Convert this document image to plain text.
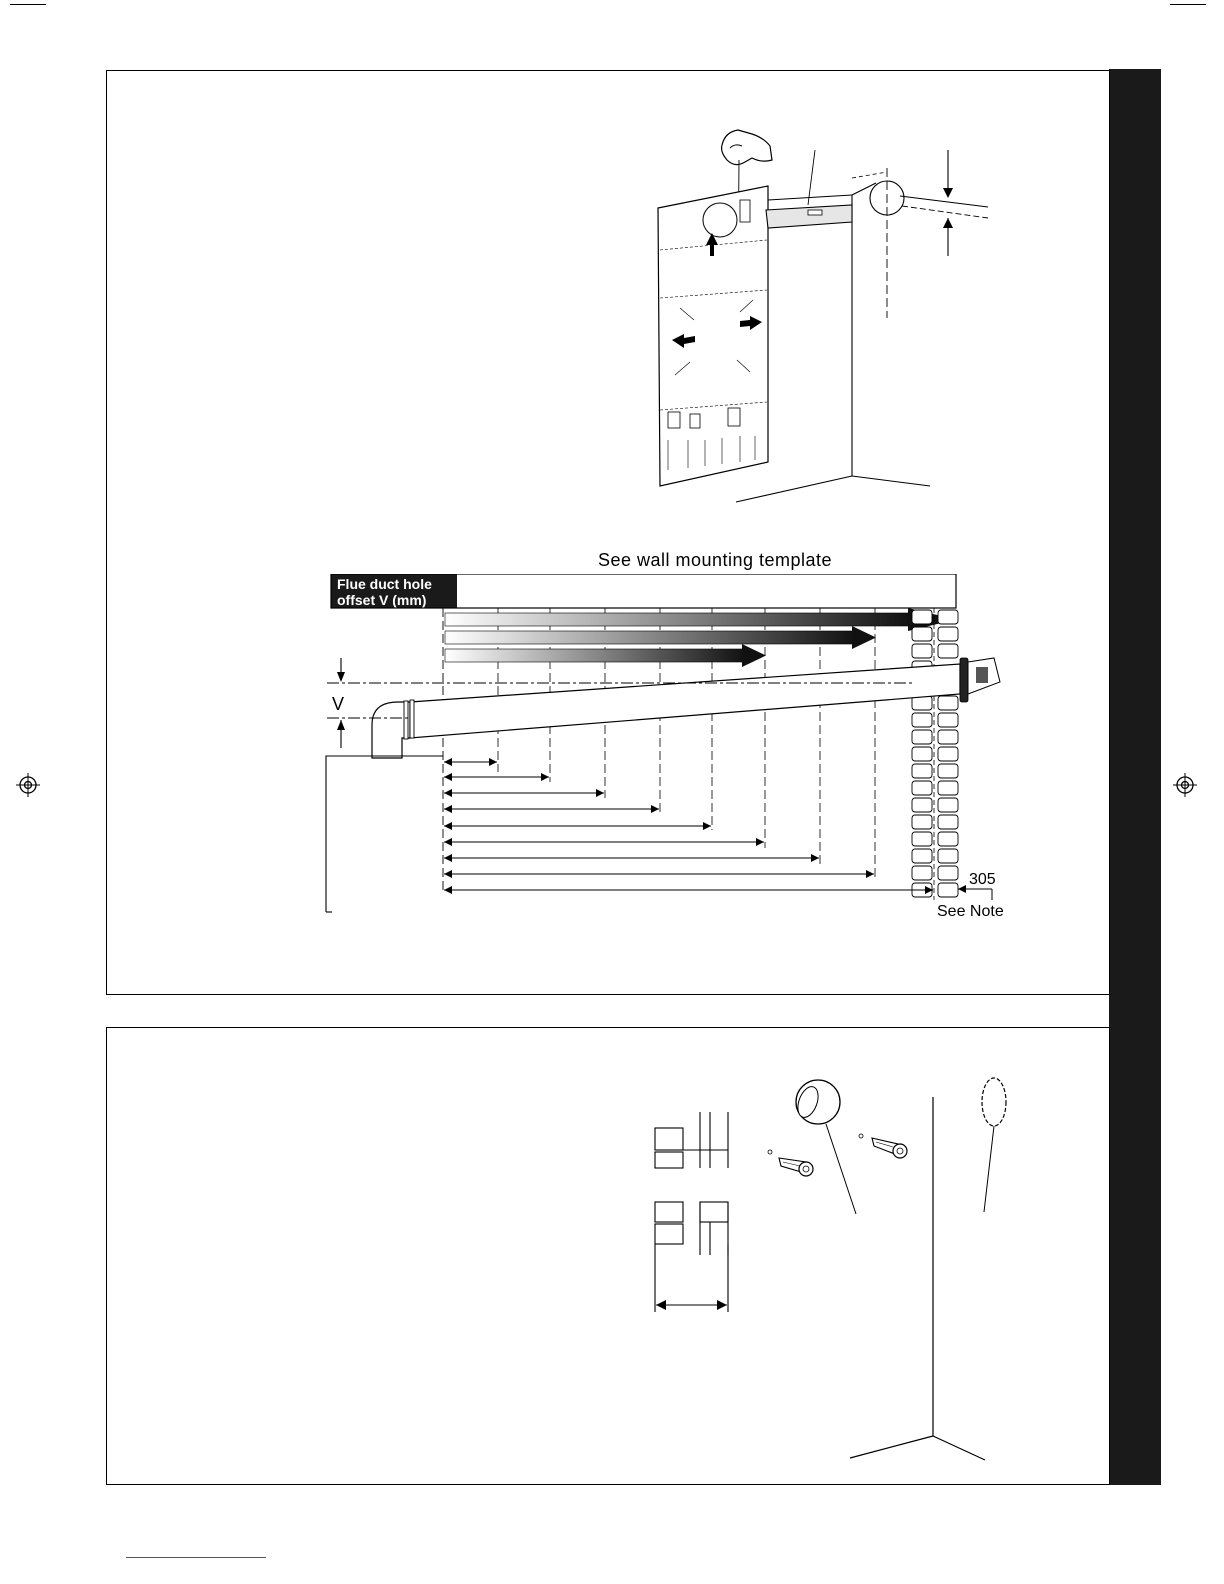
See wall mounting template
Flue duct hole
offset V (mm)
V
305
See Note
